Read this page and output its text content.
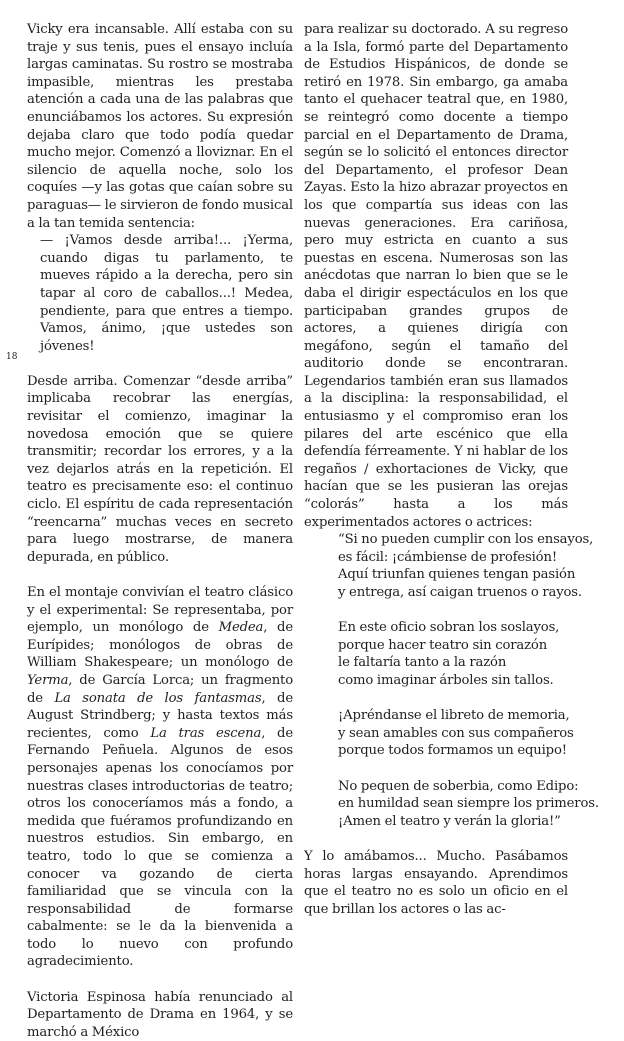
18

Vicky era incansable. Allí estaba con su traje y sus tenis, pues el ensayo incluía largas caminatas. Su rostro se mostraba impasible, mientras les prestaba atención a cada una de las palabras que enunciábamos los actores. Su expresión dejaba claro que todo podía quedar mucho mejor. Comenzó a lloviznar. En el silencio de aquella noche, solo los coquíes —y las gotas que caían sobre su paraguas— le sirvieron de fondo musical a la tan temida sentencia:

— ¡Vamos desde arriba!... ¡Yerma, cuando digas tu parlamento, te mueves rápido a la derecha, pero sin tapar al coro de caballos...! Medea, pendiente, para que entres a tiempo. Vamos, ánimo, ¡que ustedes son jóvenes!

Desde arriba. Comenzar “desde arriba” implicaba recobrar las energías, revisitar el comienzo, imaginar la novedosa emoción que se quiere transmitir; recordar los errores, y a la vez dejarlos atrás en la repetición. El teatro es precisamente eso: el continuo ciclo. El espíritu de cada representación “reencarna” muchas veces en secreto para luego mostrarse, de manera depurada, en público.

En el montaje convivían el teatro clásico y el experimental: Se representaba, por ejemplo, un monólogo de Medea, de Eurípides; monólogos de obras de William Shakespeare; un monólogo de Yerma, de García Lorca; un fragmento de La sonata de los fantasmas, de August Strindberg; y hasta textos más recientes, como La tras escena, de Fernando Peñuela. Algunos de esos personajes apenas los conocíamos por nuestras clases introductorias de teatro; otros los conoceríamos más a fondo, a medida que fuéramos profundizando en nuestros estudios. Sin embargo, en teatro, todo lo que se comienza a conocer va gozando de cierta familiaridad que se vincula con la responsabilidad de formarse cabalmente: se le da la bienvenida a todo lo nuevo con profundo agradecimiento.

Victoria Espinosa había renunciado al Departamento de Drama en 1964, y se marchó a México

para realizar su doctorado. A su regreso a la Isla, formó parte del Departamento de Estudios Hispánicos, de donde se retiró en 1978. Sin embargo, ga amaba tanto el quehacer teatral que, en 1980, se reintegró como docente a tiempo parcial en el Departamento de Drama, según se lo solicitó el entonces director del Departamento, el profesor Dean Zayas. Esto la hizo abrazar proyectos en los que compartía sus ideas con las nuevas generaciones. Era cariñosa, pero muy estricta en cuanto a sus puestas en escena. Numerosas son las anécdotas que narran lo bien que se le daba el dirigir espectáculos en los que participaban grandes grupos de actores, a quienes dirigía con megáfono, según el tamaño del auditorio donde se encontraran. Legendarios también eran sus llamados a la disciplina: la responsabilidad, el entusiasmo y el compromiso eran los pilares del arte escénico que ella defendía férreamente. Y ni hablar de los regaños / exhortaciones de Vicky, que hacían que se les pusieran las orejas “colorás” hasta a los más experimentados actores o actrices:

“Si no pueden cumplir con los ensayos,
es fácil: ¡cámbiense de profesión!
Aquí triunfan quienes tengan pasión
y entrega, así caigan truenos o rayos.
En este oficio sobran los soslayos,
porque hacer teatro sin corazón
le faltaría tanto a la razón
como imaginar árboles sin tallos.
¡Apréndanse el libreto de memoria,
y sean amables con sus compañeros
porque todos formamos un equipo!
No pequen de soberbia, como Edipo:
en humildad sean siempre los primeros.
¡Amen el teatro y verán la gloria!”

Y lo amábamos... Mucho. Pasábamos horas largas ensayando. Aprendimos que el teatro no es solo un oficio en el que brillan los actores o las ac-
